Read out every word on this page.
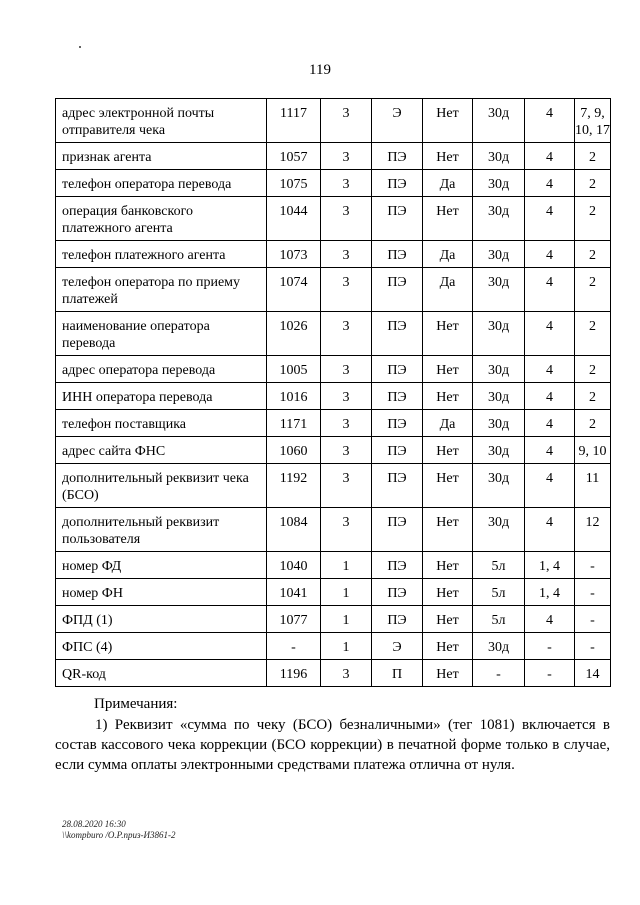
119
адрес электронной почты отправителя чека	1117	3	Э	Нет	30д	4	7, 9, 10, 17
признак агента	1057	3	ПЭ	Нет	30д	4	2
телефон оператора перевода	1075	3	ПЭ	Да	30д	4	2
операция банковского платежного агента	1044	3	ПЭ	Нет	30д	4	2
телефон платежного агента	1073	3	ПЭ	Да	30д	4	2
телефон оператора по приему платежей	1074	3	ПЭ	Да	30д	4	2
наименование оператора перевода	1026	3	ПЭ	Нет	30д	4	2
адрес оператора перевода	1005	3	ПЭ	Нет	30д	4	2
ИНН оператора перевода	1016	3	ПЭ	Нет	30д	4	2
телефон поставщика	1171	3	ПЭ	Да	30д	4	2
адрес сайта ФНС	1060	3	ПЭ	Нет	30д	4	9, 10
дополнительный реквизит чека (БСО)	1192	3	ПЭ	Нет	30д	4	11
дополнительный реквизит пользователя	1084	3	ПЭ	Нет	30д	4	12
номер ФД	1040	1	ПЭ	Нет	5л	1, 4	-
номер ФН	1041	1	ПЭ	Нет	5л	1, 4	-
ФПД (1)	1077	1	ПЭ	Нет	5л	4	-
ФПС (4)	-	1	Э	Нет	30д	-	-
QR-код	1196	3	П	Нет	-	-	14
Примечания:
1) Реквизит «сумма по чеку (БСО) безналичными» (тег 1081) включается в состав кассового чека коррекции (БСО коррекции) в печатной форме только в случае, если сумма оплаты электронными средствами платежа отлична от нуля.
28.08.2020 16:30
\\kompburo /О.Р.приз-И3861-2
